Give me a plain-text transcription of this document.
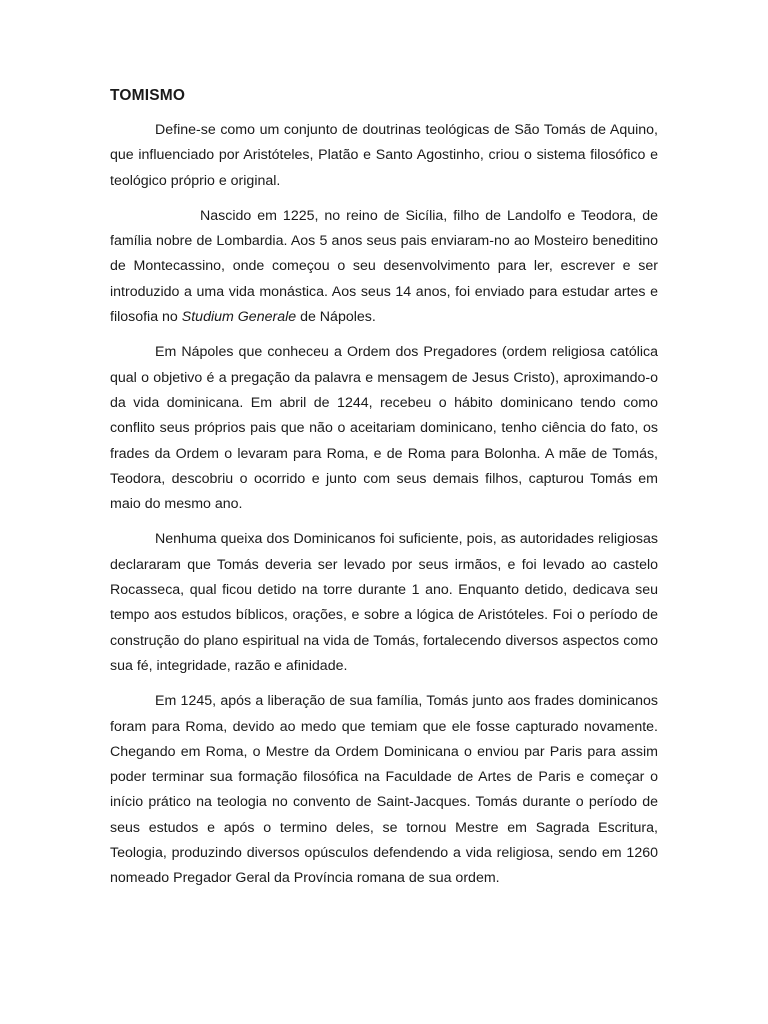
TOMISMO

Define-se como um conjunto de doutrinas teológicas de São Tomás de Aquino, que influenciado por Aristóteles, Platão e Santo Agostinho, criou o sistema filosófico e teológico próprio e original.

Nascido em 1225, no reino de Sicília, filho de Landolfo e Teodora, de família nobre de Lombardia. Aos 5 anos seus pais enviaram-no ao Mosteiro beneditino de Montecassino, onde começou o seu desenvolvimento para ler, escrever e ser introduzido a uma vida monástica. Aos seus 14 anos, foi enviado para estudar artes e filosofia no Studium Generale de Nápoles.

Em Nápoles que conheceu a Ordem dos Pregadores (ordem religiosa católica qual o objetivo é a pregação da palavra e mensagem de Jesus Cristo), aproximando-o da vida dominicana. Em abril de 1244, recebeu o hábito dominicano tendo como conflito seus próprios pais que não o aceitariam dominicano, tenho ciência do fato, os frades da Ordem o levaram para Roma, e de Roma para Bolonha. A mãe de Tomás, Teodora, descobriu o ocorrido e junto com seus demais filhos, capturou Tomás em maio do mesmo ano.

Nenhuma queixa dos Dominicanos foi suficiente, pois, as autoridades religiosas declararam que Tomás deveria ser levado por seus irmãos, e foi levado ao castelo Rocasseca, qual ficou detido na torre durante 1 ano. Enquanto detido, dedicava seu tempo aos estudos bíblicos, orações, e sobre a lógica de Aristóteles. Foi o período de construção do plano espiritual na vida de Tomás, fortalecendo diversos aspectos como sua fé, integridade, razão e afinidade.

Em 1245, após a liberação de sua família, Tomás junto aos frades dominicanos foram para Roma, devido ao medo que temiam que ele fosse capturado novamente. Chegando em Roma, o Mestre da Ordem Dominicana o enviou par Paris para assim poder terminar sua formação filosófica na Faculdade de Artes de Paris e começar o início prático na teologia no convento de Saint-Jacques. Tomás durante o período de seus estudos e após o termino deles, se tornou Mestre em Sagrada Escritura, Teologia, produzindo diversos opúsculos defendendo a vida religiosa, sendo em 1260 nomeado Pregador Geral da Província romana de sua ordem.
